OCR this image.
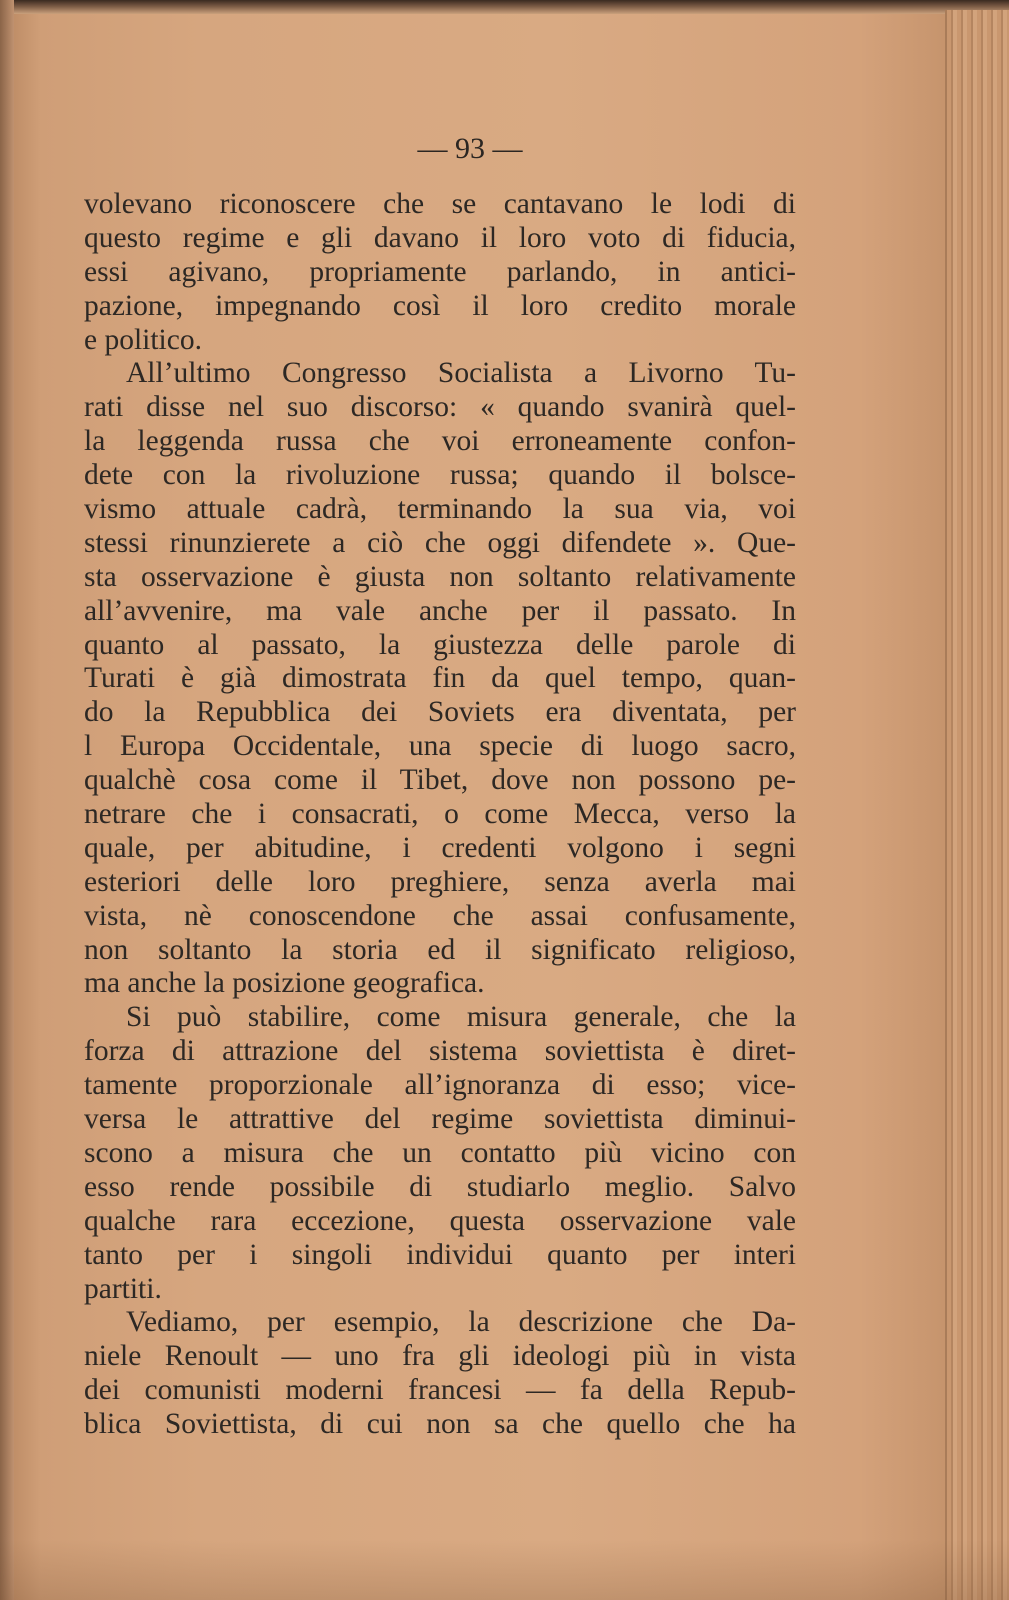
— 93 —
volevano riconoscere che se cantavano le lodi di
questo regime e gli davano il loro voto di fiducia,
essi agivano, propriamente parlando, in antici-
pazione, impegnando così il loro credito morale
e politico.
All’ultimo Congresso Socialista a Livorno Tu-
rati disse nel suo discorso: « quando svanirà quel-
la leggenda russa che voi erroneamente confon-
dete con la rivoluzione russa; quando il bolsce-
vismo attuale cadrà, terminando la sua via, voi
stessi rinunzierete a ciò che oggi difendete ». Que-
sta osservazione è giusta non soltanto relativamente
all’avvenire, ma vale anche per il passato. In
quanto al passato, la giustezza delle parole di
Turati è già dimostrata fin da quel tempo, quan-
do la Repubblica dei Soviets era diventata, per
l Europa Occidentale, una specie di luogo sacro,
qualchè cosa come il Tibet, dove non possono pe-
netrare che i consacrati, o come Mecca, verso la
quale, per abitudine, i credenti volgono i segni
esteriori delle loro preghiere, senza averla mai
vista, nè conoscendone che assai confusamente,
non soltanto la storia ed il significato religioso,
ma anche la posizione geografica.
Si può stabilire, come misura generale, che la
forza di attrazione del sistema soviettista è diret-
tamente proporzionale all’ignoranza di esso; vice-
versa le attrattive del regime soviettista diminui-
scono a misura che un contatto più vicino con
esso rende possibile di studiarlo meglio. Salvo
qualche rara eccezione, questa osservazione vale
tanto per i singoli individui quanto per interi
partiti.
Vediamo, per esempio, la descrizione che Da-
niele Renoult — uno fra gli ideologi più in vista
dei comunisti moderni francesi — fa della Repub-
blica Soviettista, di cui non sa che quello che ha
